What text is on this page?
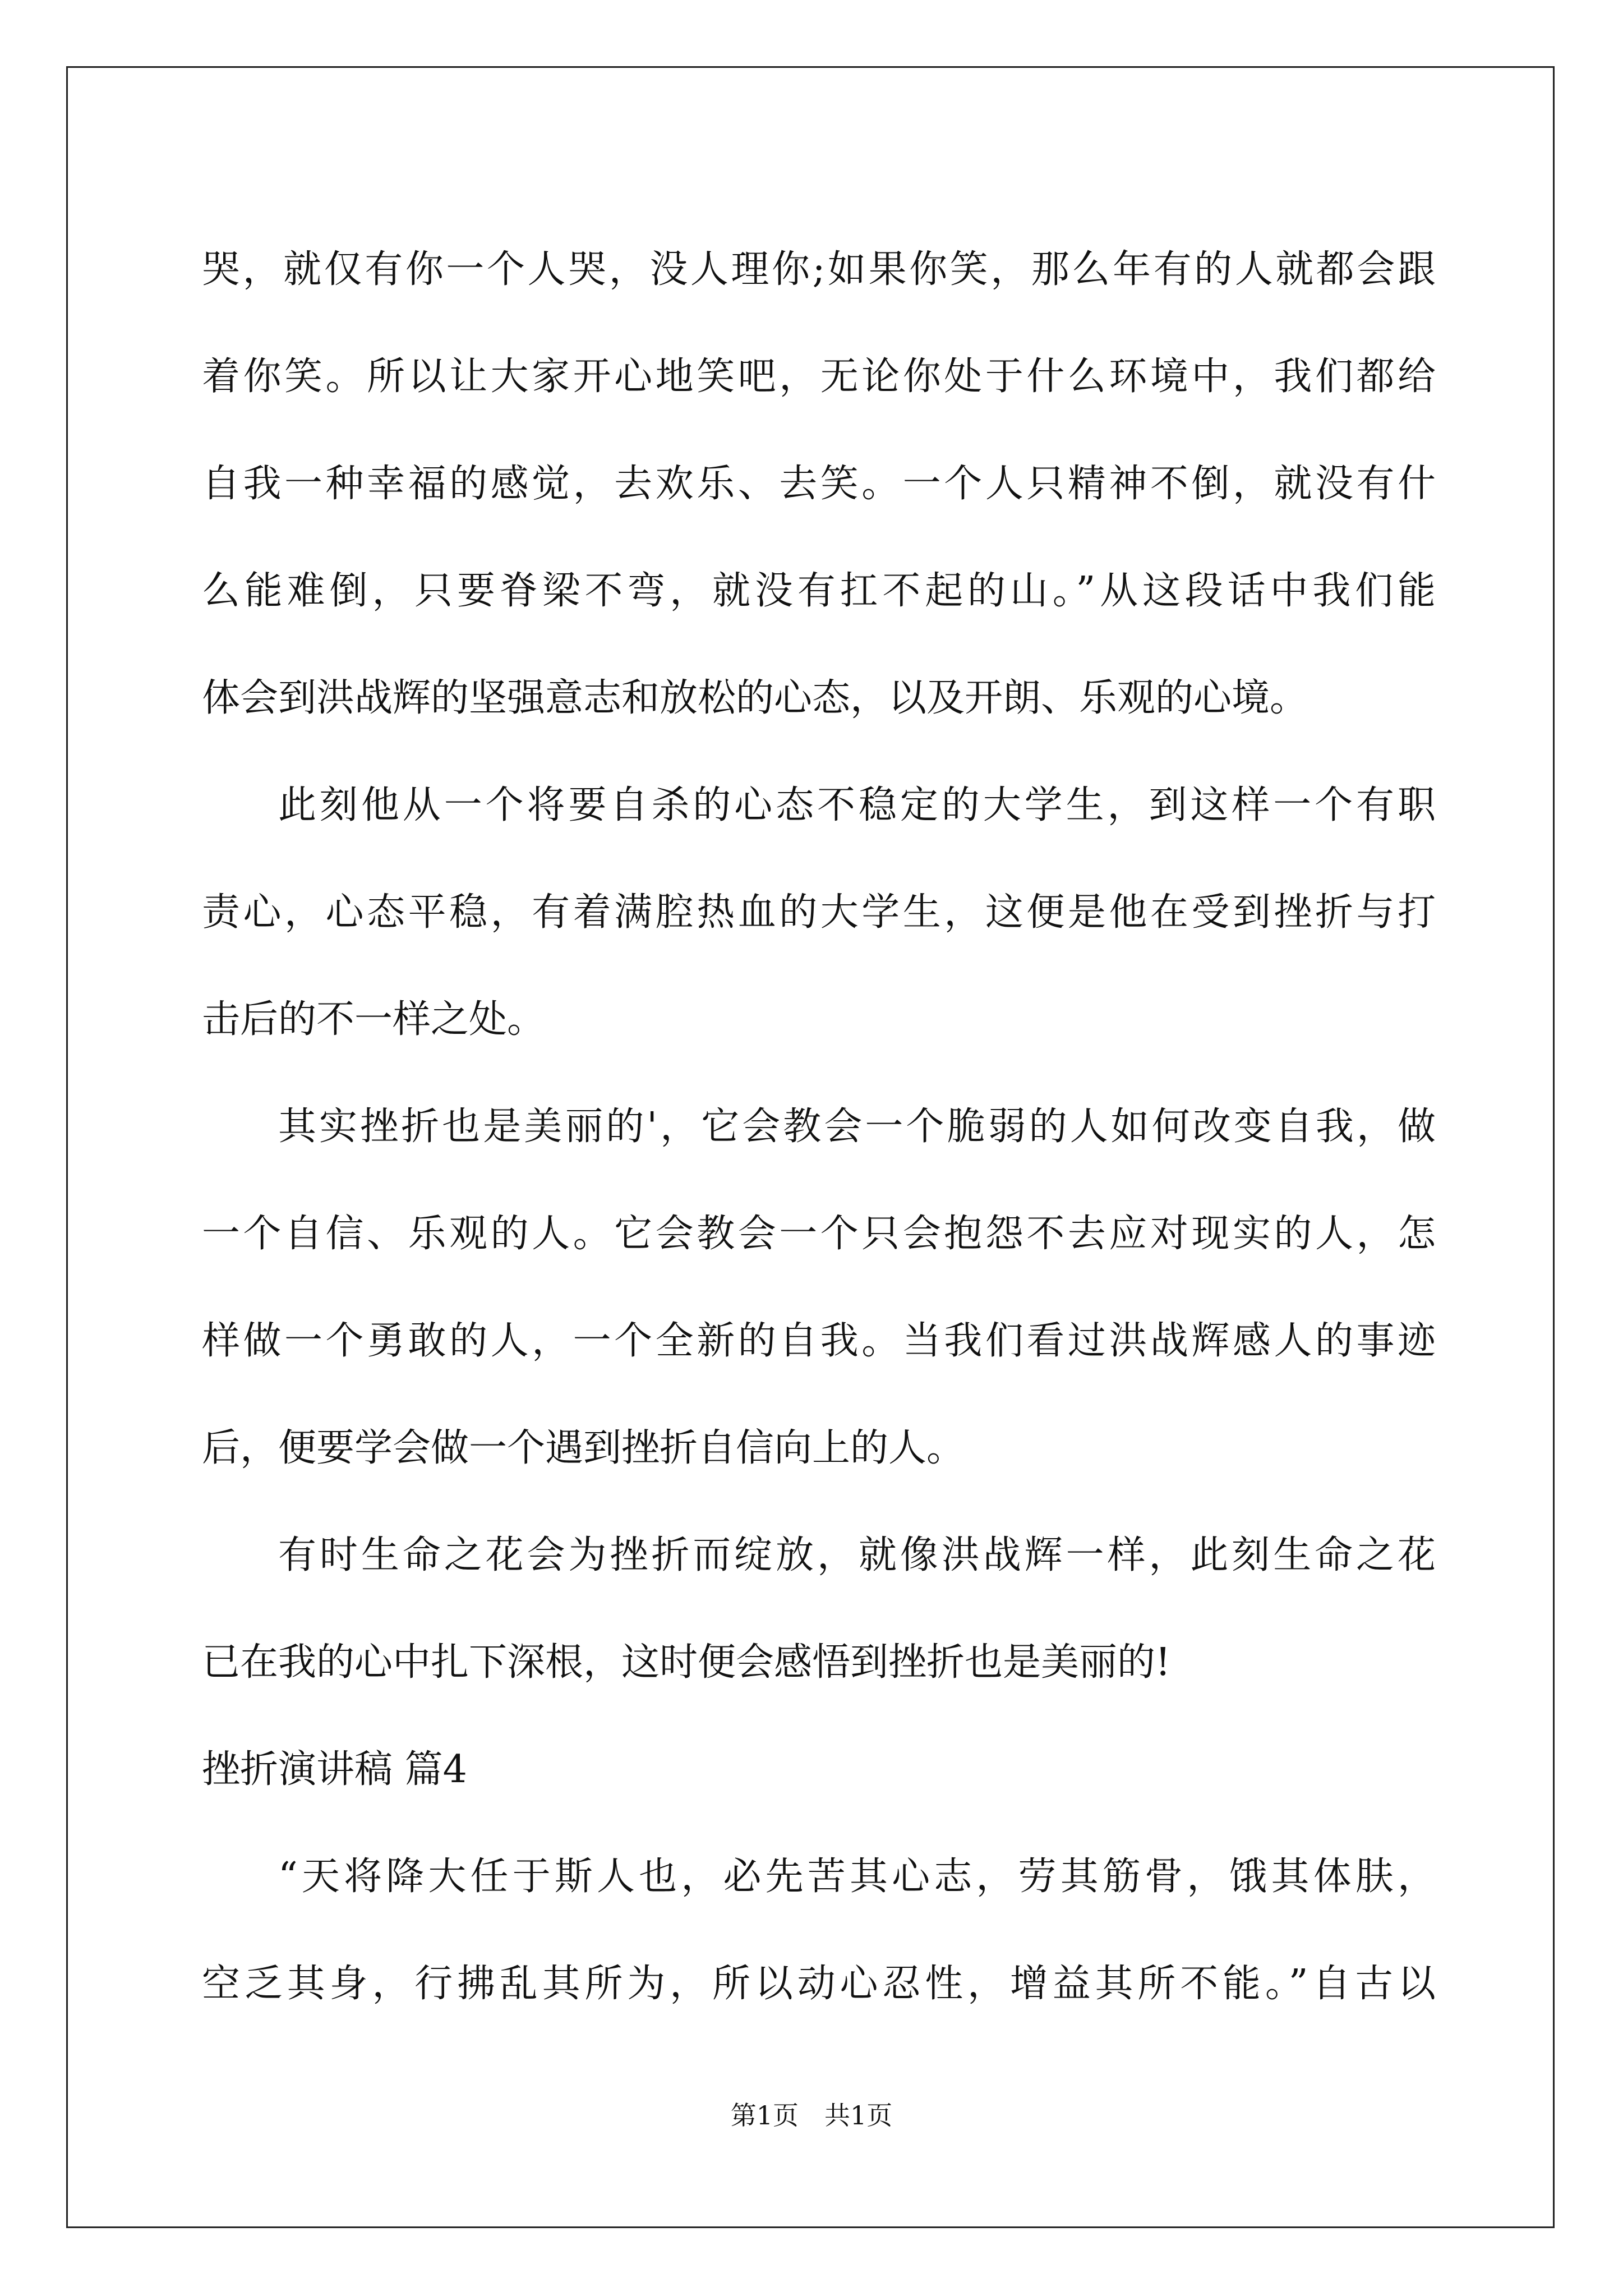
哭，就仅有你一个人哭，没人理你;如果你笑，那么年有的人就都会跟
着你笑。所以让大家开心地笑吧，无论你处于什么环境中，我们都给
自我一种幸福的感觉，去欢乐、去笑。一个人只精神不倒，就没有什
么能难倒，只要脊梁不弯，就没有扛不起的山。”从这段话中我们能
体会到洪战辉的坚强意志和放松的心态，以及开朗、乐观的心境。
此刻他从一个将要自杀的心态不稳定的大学生，到这样一个有职
责心，心态平稳，有着满腔热血的大学生，这便是他在受到挫折与打
击后的不一样之处。
其实挫折也是美丽的'，它会教会一个脆弱的人如何改变自我，做
一个自信、乐观的人。它会教会一个只会抱怨不去应对现实的人，怎
样做一个勇敢的人，一个全新的自我。当我们看过洪战辉感人的事迹
后，便要学会做一个遇到挫折自信向上的人。
有时生命之花会为挫折而绽放，就像洪战辉一样，此刻生命之花
已在我的心中扎下深根，这时便会感悟到挫折也是美丽的!
挫折演讲稿 篇4
“天将降大任于斯人也，必先苦其心志，劳其筋骨，饿其体肤，
空乏其身，行拂乱其所为，所以动心忍性，增益其所不能。”自古以
第1页　共1页
